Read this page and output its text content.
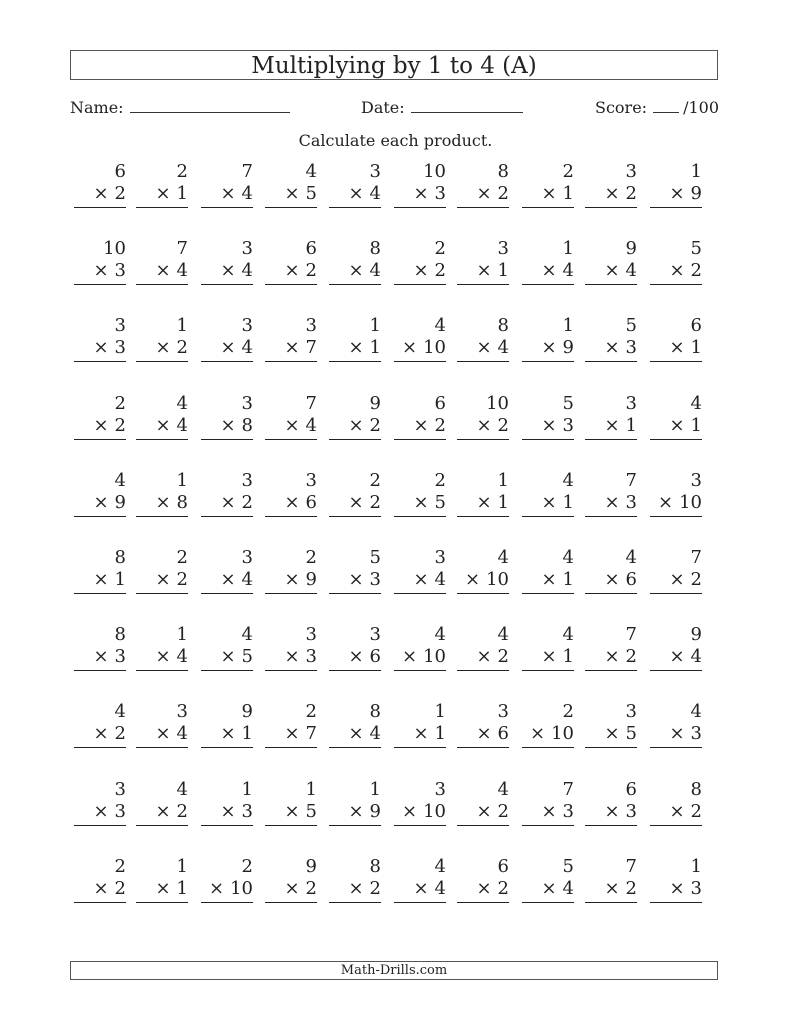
Multiplying by 1 to 4 (A)
Name:	Date:	Score: /100
Calculate each product.
6
× 2
2
× 1
7
× 4
4
× 5
3
× 4
10
× 3
8
× 2
2
× 1
3
× 2
1
× 9
10
× 3
7
× 4
3
× 4
6
× 2
8
× 4
2
× 2
3
× 1
1
× 4
9
× 4
5
× 2
3
× 3
1
× 2
3
× 4
3
× 7
1
× 1
4
× 10
8
× 4
1
× 9
5
× 3
6
× 1
2
× 2
4
× 4
3
× 8
7
× 4
9
× 2
6
× 2
10
× 2
5
× 3
3
× 1
4
× 1
4
× 9
1
× 8
3
× 2
3
× 6
2
× 2
2
× 5
1
× 1
4
× 1
7
× 3
3
× 10
8
× 1
2
× 2
3
× 4
2
× 9
5
× 3
3
× 4
4
× 10
4
× 1
4
× 6
7
× 2
8
× 3
1
× 4
4
× 5
3
× 3
3
× 6
4
× 10
4
× 2
4
× 1
7
× 2
9
× 4
4
× 2
3
× 4
9
× 1
2
× 7
8
× 4
1
× 1
3
× 6
2
× 10
3
× 5
4
× 3
3
× 3
4
× 2
1
× 3
1
× 5
1
× 9
3
× 10
4
× 2
7
× 3
6
× 3
8
× 2
2
× 2
1
× 1
2
× 10
9
× 2
8
× 2
4
× 4
6
× 2
5
× 4
7
× 2
1
× 3
Math-Drills.com
